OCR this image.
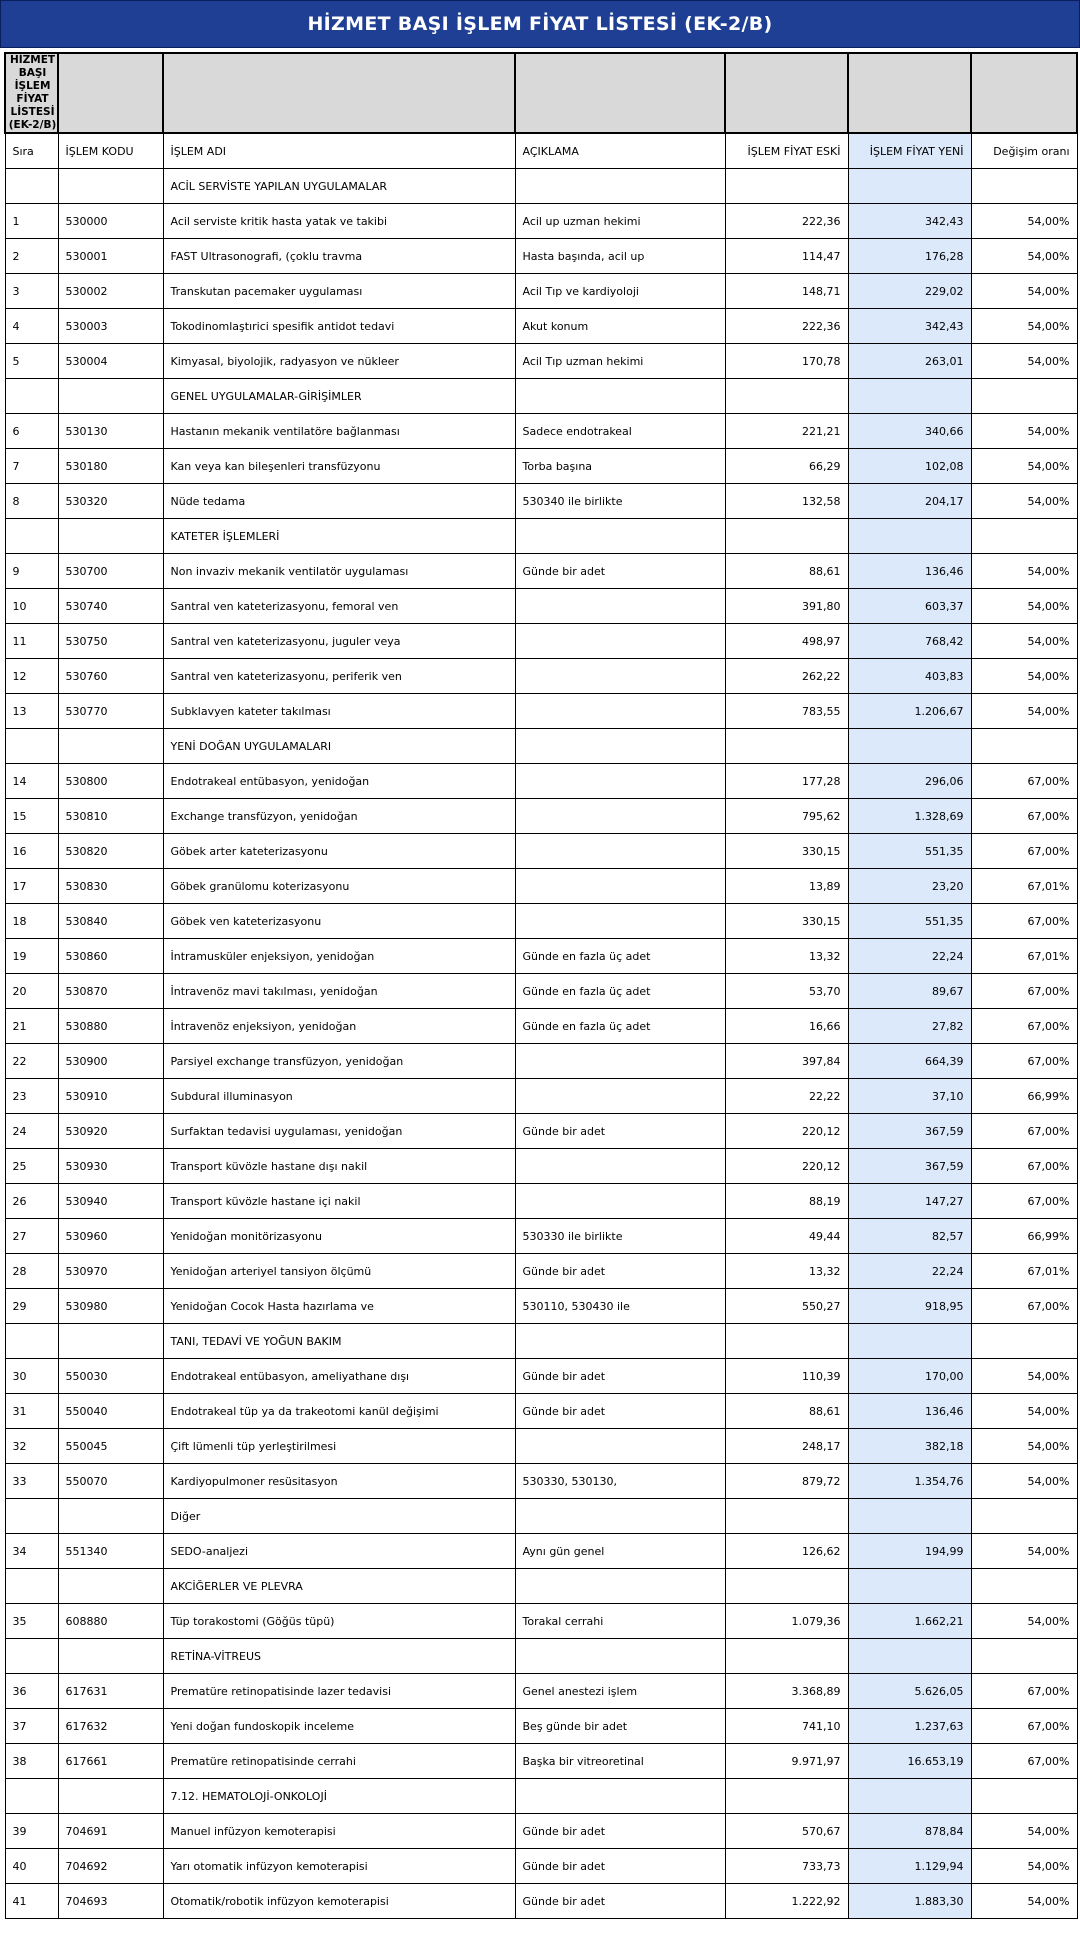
HİZMET BAŞI İŞLEM FİYAT LİSTESİ (EK-2/B)
HİZMET BAŞI İŞLEM FİYAT LİSTESİ (EK-2/B)						

Sıra	İŞLEM KODU	İŞLEM ADI	AÇIKLAMA	İŞLEM FİYAT ESKİ	İŞLEM FİYAT YENİ	Değişim oranı
		ACİL SERVİSTE YAPILAN UYGULAMALAR				
1	530000	Acil serviste kritik hasta yatak ve takibi	Acil up uzman hekimi	222,36	342,43	54,00%
2	530001	FAST Ultrasonografi, (çoklu travma	Hasta başında, acil up	114,47	176,28	54,00%
3	530002	Transkutan pacemaker uygulaması	Acil Tıp ve kardiyoloji	148,71	229,02	54,00%
4	530003	Tokodinomlaştırici spesifik antidot tedavi	Akut konum	222,36	342,43	54,00%
5	530004	Kimyasal, biyolojik, radyasyon ve nükleer	Acil Tıp uzman hekimi	170,78	263,01	54,00%
		GENEL UYGULAMALAR-GİRİŞİMLER				
6	530130	Hastanın mekanik ventilatöre bağlanması	Sadece endotrakeal	221,21	340,66	54,00%
7	530180	Kan veya kan bileşenleri transfüzyonu	Torba başına	66,29	102,08	54,00%
8	530320	Nüde tedama	530340 ile birlikte	132,58	204,17	54,00%
		KATETER İŞLEMLERİ				
9	530700	Non invaziv mekanik ventilatör uygulaması	Günde bir adet	88,61	136,46	54,00%
10	530740	Santral ven kateterizasyonu, femoral ven		391,80	603,37	54,00%
11	530750	Santral ven kateterizasyonu, juguler veya		498,97	768,42	54,00%
12	530760	Santral ven kateterizasyonu, periferik ven		262,22	403,83	54,00%
13	530770	Subklavyen kateter takılması		783,55	1.206,67	54,00%
		YENİ DOĞAN UYGULAMALARI				
14	530800	Endotrakeal entübasyon, yenidoğan		177,28	296,06	67,00%
15	530810	Exchange transfüzyon, yenidoğan		795,62	1.328,69	67,00%
16	530820	Göbek arter kateterizasyonu		330,15	551,35	67,00%
17	530830	Göbek granülomu koterizasyonu		13,89	23,20	67,01%
18	530840	Göbek ven kateterizasyonu		330,15	551,35	67,00%
19	530860	İntramusküler enjeksiyon, yenidoğan	Günde en fazla üç adet	13,32	22,24	67,01%
20	530870	İntravenöz mavi takılması, yenidoğan	Günde en fazla üç adet	53,70	89,67	67,00%
21	530880	İntravenöz enjeksiyon, yenidoğan	Günde en fazla üç adet	16,66	27,82	67,00%
22	530900	Parsiyel exchange transfüzyon, yenidoğan		397,84	664,39	67,00%
23	530910	Subdural illuminasyon		22,22	37,10	66,99%
24	530920	Surfaktan tedavisi uygulaması, yenidoğan	Günde bir adet	220,12	367,59	67,00%
25	530930	Transport küvözle hastane dışı nakil		220,12	367,59	67,00%
26	530940	Transport küvözle hastane içi nakil		88,19	147,27	67,00%
27	530960	Yenidoğan monitörizasyonu	530330 ile birlikte	49,44	82,57	66,99%
28	530970	Yenidoğan arteriyel tansiyon ölçümü	Günde bir adet	13,32	22,24	67,01%
29	530980	Yenidoğan Cocok Hasta hazırlama ve	530110, 530430 ile	550,27	918,95	67,00%
		TANI, TEDAVİ VE YOĞUN BAKIM				
30	550030	Endotrakeal entübasyon, ameliyathane dışı	Günde bir adet	110,39	170,00	54,00%
31	550040	Endotrakeal tüp ya da trakeotomi kanül değişimi	Günde bir adet	88,61	136,46	54,00%
32	550045	Çift lümenli tüp yerleştirilmesi		248,17	382,18	54,00%
33	550070	Kardiyopulmoner resüsitasyon	530330, 530130,	879,72	1.354,76	54,00%
		Diğer				
34	551340	SEDO-analjezi	Aynı gün genel	126,62	194,99	54,00%
		AKCİĞERLER VE PLEVRA				
35	608880	Tüp torakostomi (Göğüs tüpü)	Torakal cerrahi	1.079,36	1.662,21	54,00%
		RETİNA-VİTREUS				
36	617631	Prematüre retinopatisinde lazer tedavisi	Genel anestezi işlem	3.368,89	5.626,05	67,00%
37	617632	Yeni doğan fundoskopik inceleme	Beş günde bir adet	741,10	1.237,63	67,00%
38	617661	Prematüre retinopatisinde cerrahi	Başka bir vitreoretinal	9.971,97	16.653,19	67,00%
		7.12. HEMATOLOJİ-ONKOLOJİ				
39	704691	Manuel infüzyon kemoterapisi	Günde bir adet	570,67	878,84	54,00%
40	704692	Yarı otomatik infüzyon kemoterapisi	Günde bir adet	733,73	1.129,94	54,00%
41	704693	Otomatik/robotik infüzyon kemoterapisi	Günde bir adet	1.222,92	1.883,30	54,00%
